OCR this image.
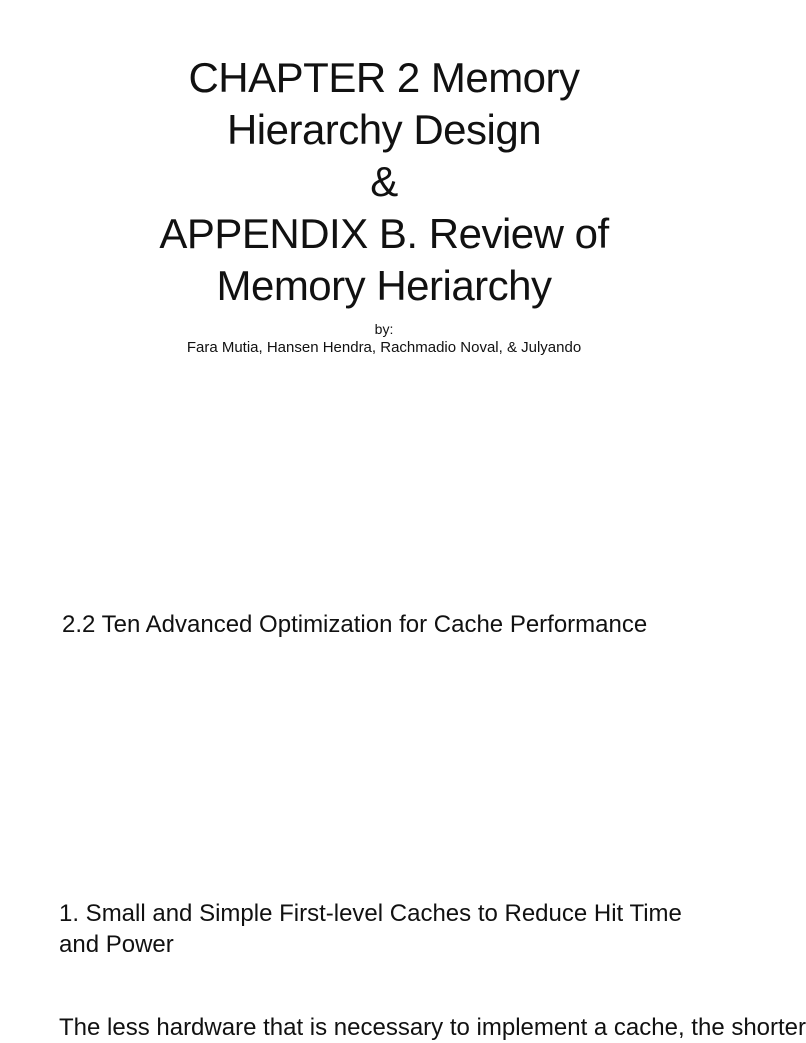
CHAPTER 2 Memory
Hierarchy Design
&
APPENDIX B. Review of
Memory Heriarchy
by:
Fara Mutia, Hansen Hendra, Rachmadio Noval, & Julyando
2.2 Ten Advanced Optimization for Cache Performance
1. Small and Simple First-level Caches to Reduce Hit Time and Power
The less hardware that is necessary to implement a cache, the shorter
